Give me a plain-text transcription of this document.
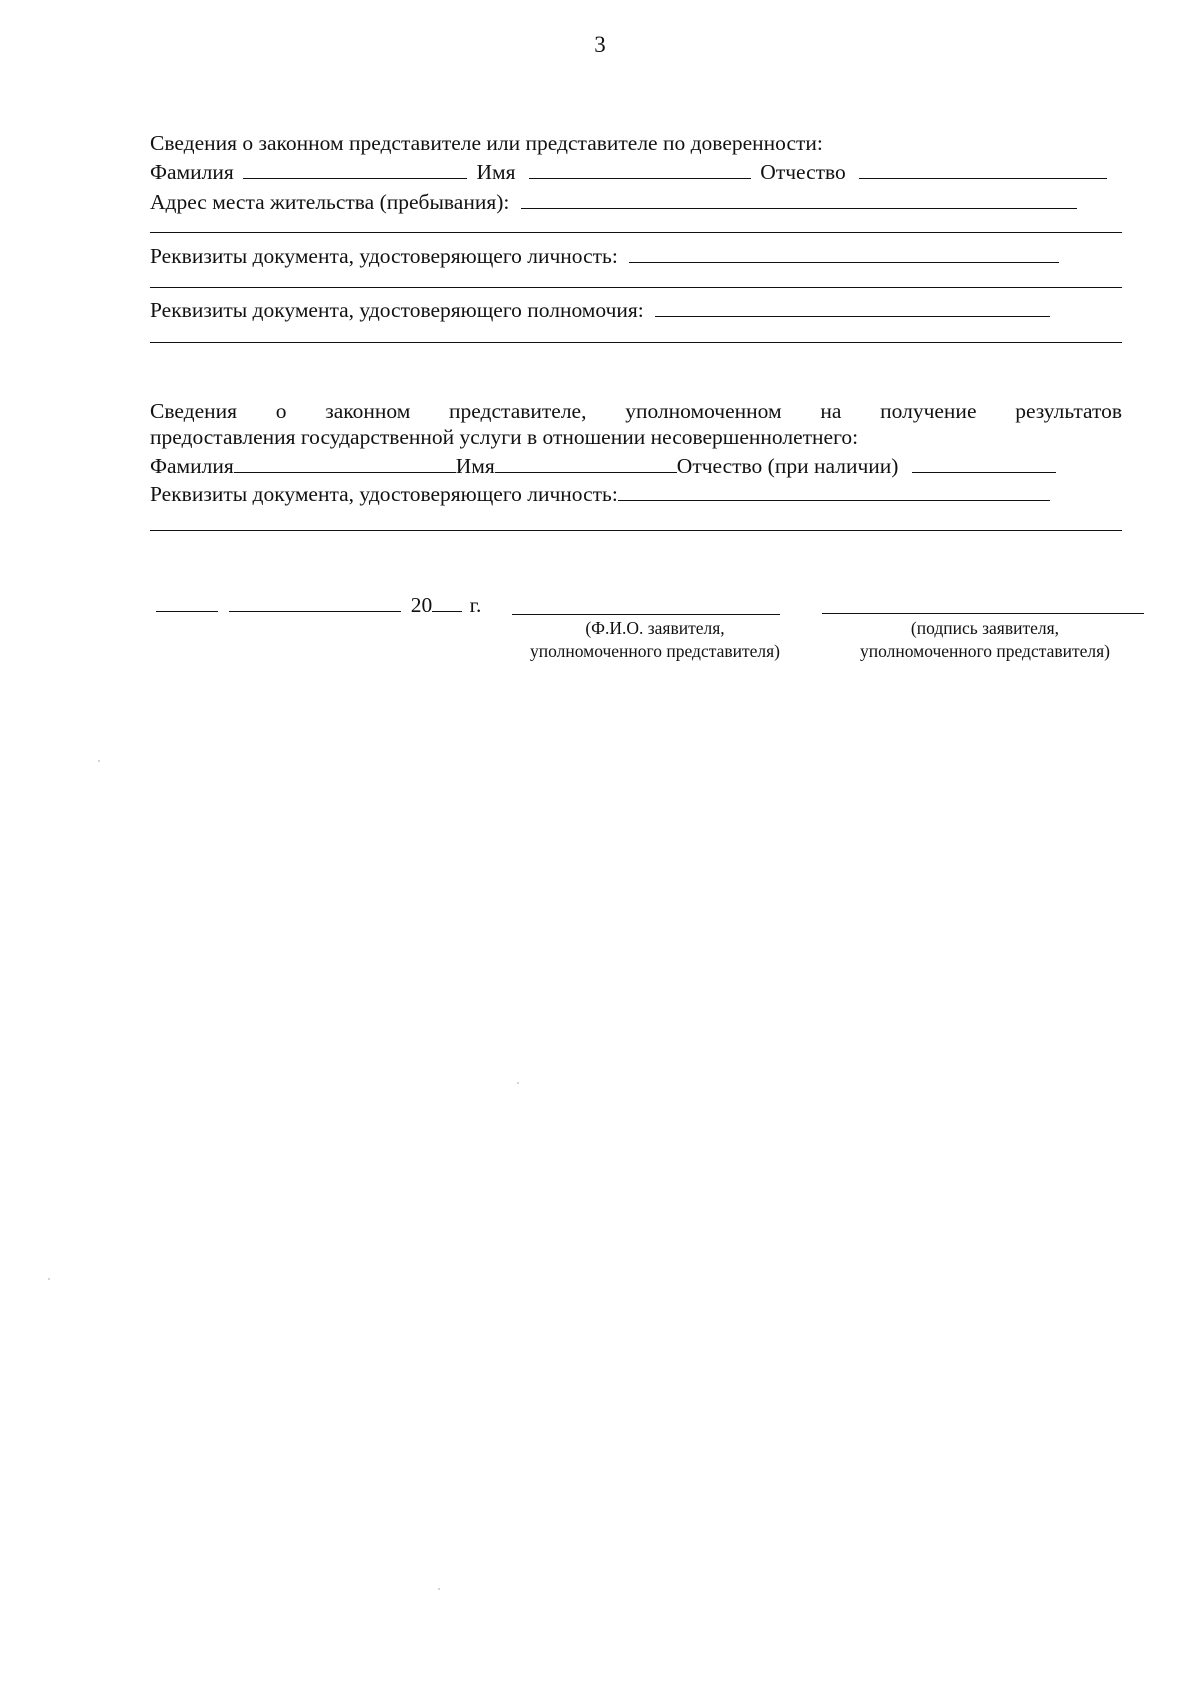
3
Сведения о законном представителе или представителе по доверенности:
Фамилия	Имя	Отчество
Адрес места жительства (пребывания):
Реквизиты документа, удостоверяющего личность:
Реквизиты документа, удостоверяющего полномочия:
Сведения о законном представителе, уполномоченном на получение результатов
предоставления государственной услуги в отношении несовершеннолетнего:
Фамилия	Имя	Отчество (при наличии)
Реквизиты документа, удостоверяющего личность:
20 г.
(Ф.И.О. заявителя,
уполномоченного представителя)
(подпись заявителя,
уполномоченного представителя)
